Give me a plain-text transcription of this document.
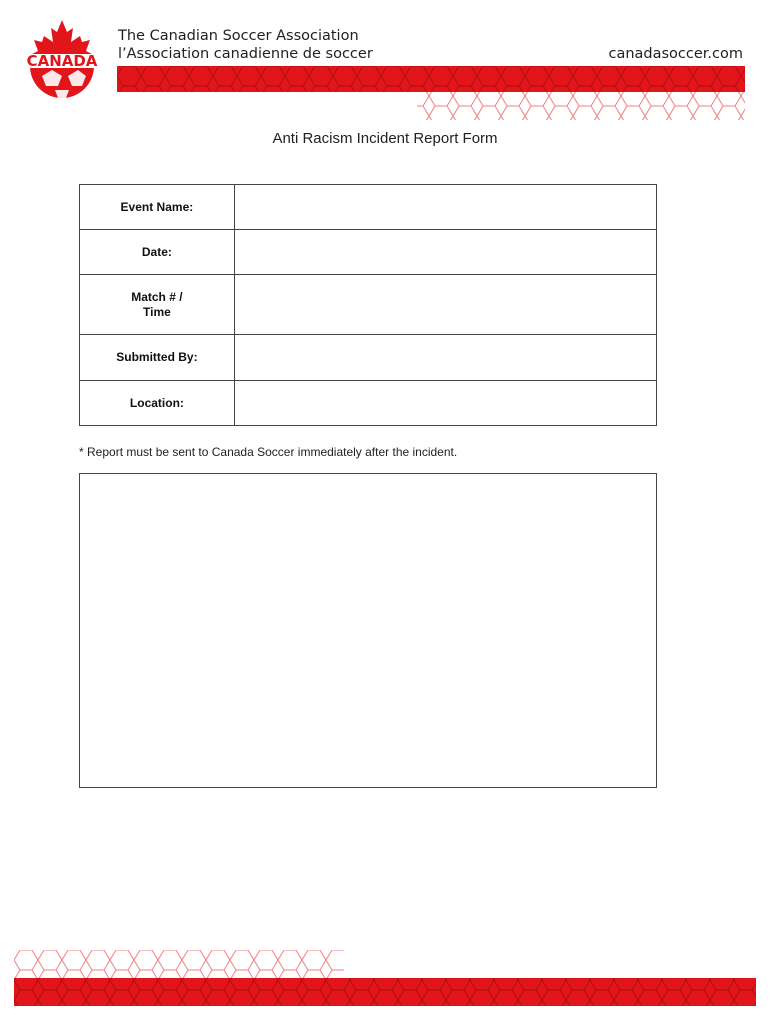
CANADA
The Canadian Soccer Association
l’Association canadienne de soccer	canadasoccer.com
Anti Racism Incident Report Form
Event Name:	
Date:	
Match # /
Time	
Submitted By:	
Location:	
* Report must be sent to Canada Soccer immediately after the incident.
